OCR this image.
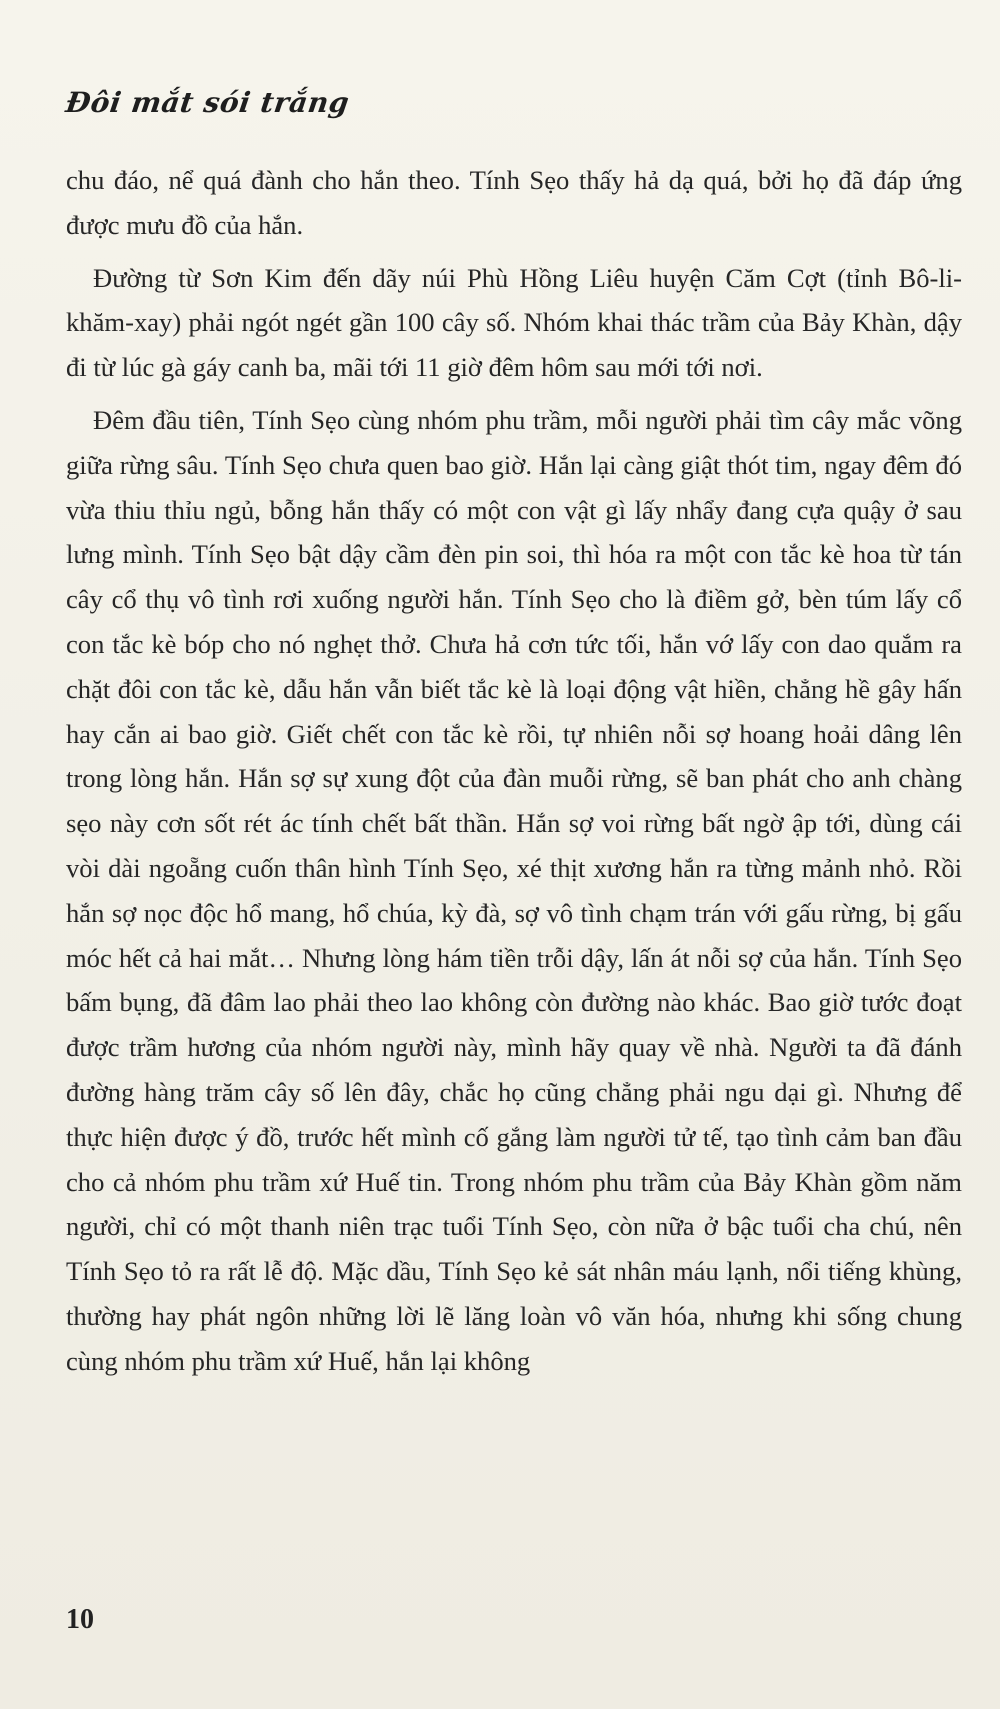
Đôi mắt sói trắng

chu đáo, nể quá đành cho hắn theo. Tính Sẹo thấy hả dạ quá, bởi họ đã đáp ứng được mưu đồ của hắn.

Đường từ Sơn Kim đến dãy núi Phù Hồng Liêu huyện Căm Cợt (tỉnh Bô-li-khăm-xay) phải ngót ngét gần 100 cây số. Nhóm khai thác trầm của Bảy Khàn, dậy đi từ lúc gà gáy canh ba, mãi tới 11 giờ đêm hôm sau mới tới nơi.

Đêm đầu tiên, Tính Sẹo cùng nhóm phu trầm, mỗi người phải tìm cây mắc võng giữa rừng sâu. Tính Sẹo chưa quen bao giờ. Hắn lại càng giật thót tim, ngay đêm đó vừa thiu thỉu ngủ, bỗng hắn thấy có một con vật gì lấy nhẩy đang cựa quậy ở sau lưng mình. Tính Sẹo bật dậy cầm đèn pin soi, thì hóa ra một con tắc kè hoa từ tán cây cổ thụ vô tình rơi xuống người hắn. Tính Sẹo cho là điềm gở, bèn túm lấy cổ con tắc kè bóp cho nó nghẹt thở. Chưa hả cơn tức tối, hắn vớ lấy con dao quắm ra chặt đôi con tắc kè, dẫu hắn vẫn biết tắc kè là loại động vật hiền, chẳng hề gây hấn hay cắn ai bao giờ. Giết chết con tắc kè rồi, tự nhiên nỗi sợ hoang hoải dâng lên trong lòng hắn. Hắn sợ sự xung đột của đàn muỗi rừng, sẽ ban phát cho anh chàng sẹo này cơn sốt rét ác tính chết bất thần. Hắn sợ voi rừng bất ngờ ập tới, dùng cái vòi dài ngoẵng cuốn thân hình Tính Sẹo, xé thịt xương hắn ra từng mảnh nhỏ. Rồi hắn sợ nọc độc hổ mang, hổ chúa, kỳ đà, sợ vô tình chạm trán với gấu rừng, bị gấu móc hết cả hai mắt… Nhưng lòng hám tiền trỗi dậy, lấn át nỗi sợ của hắn. Tính Sẹo bấm bụng, đã đâm lao phải theo lao không còn đường nào khác. Bao giờ tước đoạt được trầm hương của nhóm người này, mình hãy quay về nhà. Người ta đã đánh đường hàng trăm cây số lên đây, chắc họ cũng chẳng phải ngu dại gì. Nhưng để thực hiện được ý đồ, trước hết mình cố gắng làm người tử tế, tạo tình cảm ban đầu cho cả nhóm phu trầm xứ Huế tin. Trong nhóm phu trầm của Bảy Khàn gồm năm người, chỉ có một thanh niên trạc tuổi Tính Sẹo, còn nữa ở bậc tuổi cha chú, nên Tính Sẹo tỏ ra rất lễ độ. Mặc dầu, Tính Sẹo kẻ sát nhân máu lạnh, nổi tiếng khùng, thường hay phát ngôn những lời lẽ lăng loàn vô văn hóa, nhưng khi sống chung cùng nhóm phu trầm xứ Huế, hắn lại không

10
